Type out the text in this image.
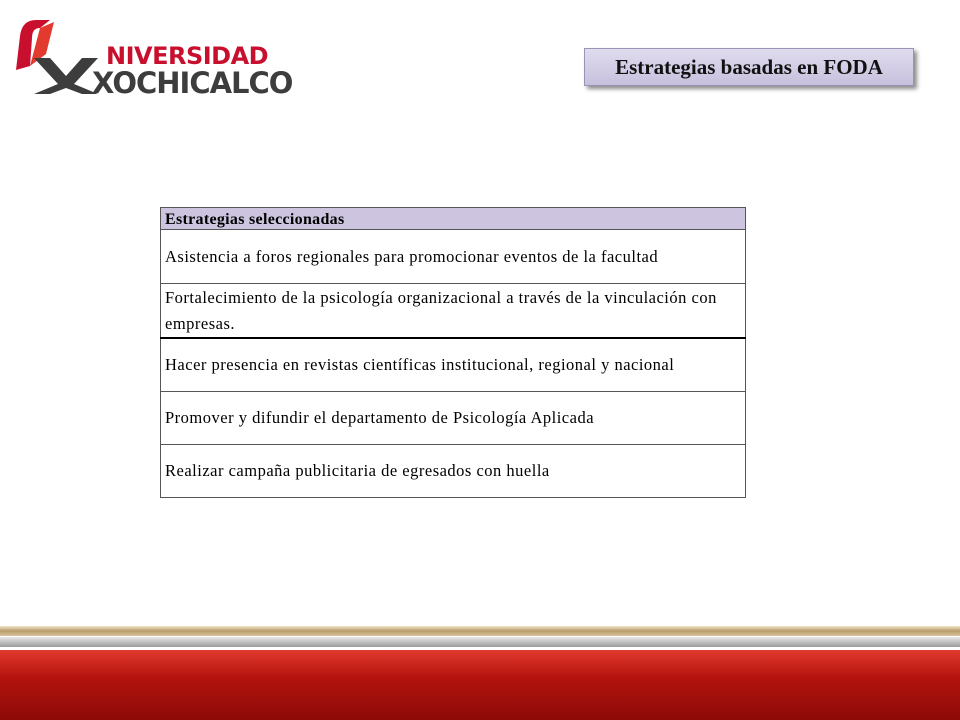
NIVERSIDAD
XOCHICALCO	Estrategias basadas en FODA
Estrategias seleccionadas
Asistencia a foros regionales para promocionar eventos de la facultad
Fortalecimiento de la psicología organizacional a través de la vinculación con empresas.
Hacer presencia en revistas científicas institucional, regional y nacional
Promover y difundir el departamento de Psicología Aplicada
Realizar campaña publicitaria de egresados con huella
